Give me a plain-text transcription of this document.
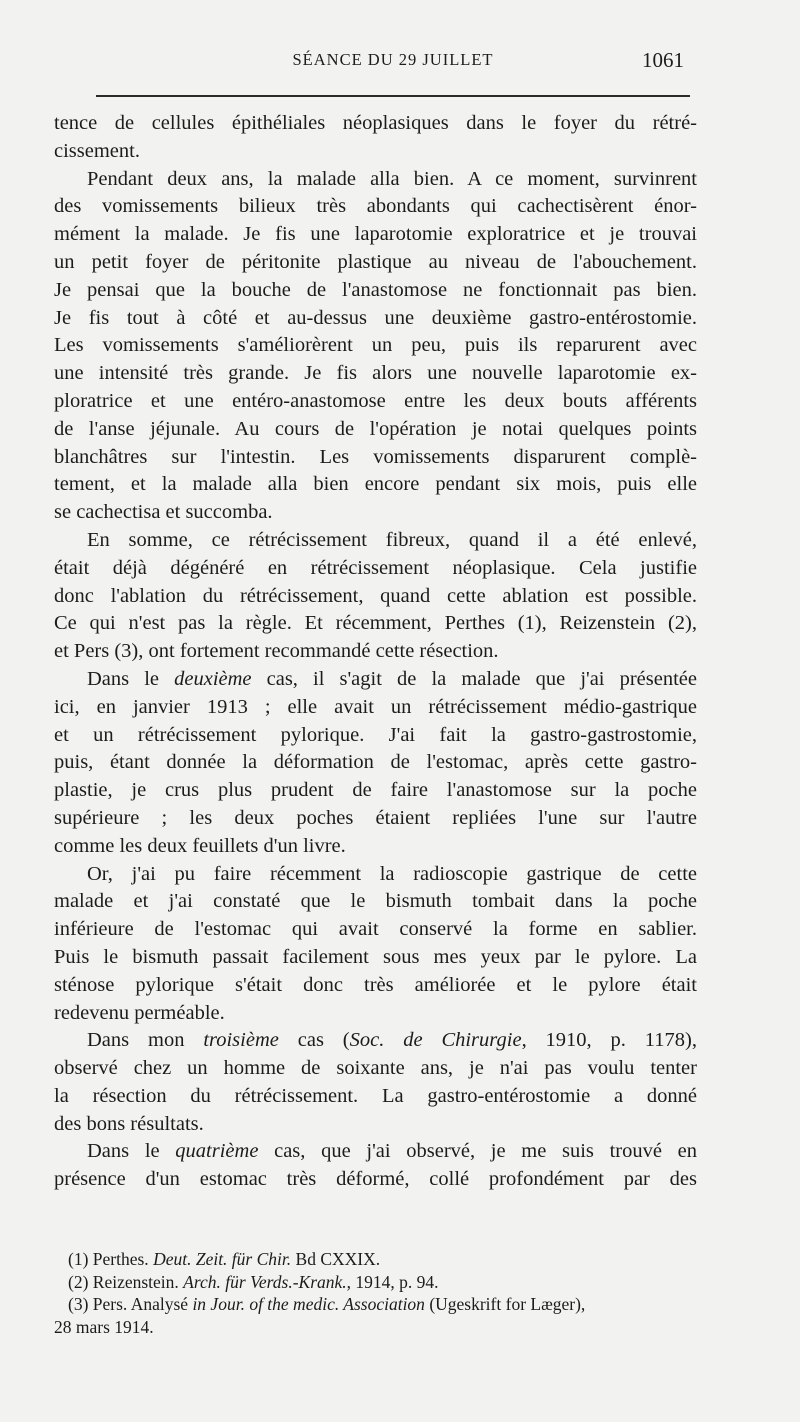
SÉANCE DU 29 JUILLET	1061
tence de cellules épithéliales néoplasiques dans le foyer du rétré-
cissement.
Pendant deux ans, la malade alla bien. A ce moment, survinrent
des vomissements bilieux très abondants qui cachectisèrent énor-
mément la malade. Je fis une laparotomie exploratrice et je trouvai
un petit foyer de péritonite plastique au niveau de l'abouchement.
Je pensai que la bouche de l'anastomose ne fonctionnait pas bien.
Je fis tout à côté et au-dessus une deuxième gastro-entérostomie.
Les vomissements s'améliorèrent un peu, puis ils reparurent avec
une intensité très grande. Je fis alors une nouvelle laparotomie ex-
ploratrice et une entéro-anastomose entre les deux bouts afférents
de l'anse jéjunale. Au cours de l'opération je notai quelques points
blanchâtres sur l'intestin. Les vomissements disparurent complè-
tement, et la malade alla bien encore pendant six mois, puis elle
se cachectisa et succomba.
En somme, ce rétrécissement fibreux, quand il a été enlevé,
était déjà dégénéré en rétrécissement néoplasique. Cela justifie
donc l'ablation du rétrécissement, quand cette ablation est possible.
Ce qui n'est pas la règle. Et récemment, Perthes (1), Reizenstein (2),
et Pers (3), ont fortement recommandé cette résection.
Dans le deuxième cas, il s'agit de la malade que j'ai présentée
ici, en janvier 1913 ; elle avait un rétrécissement médio-gastrique
et un rétrécissement pylorique. J'ai fait la gastro-gastrostomie,
puis, étant donnée la déformation de l'estomac, après cette gastro-
plastie, je crus plus prudent de faire l'anastomose sur la poche
supérieure ; les deux poches étaient repliées l'une sur l'autre
comme les deux feuillets d'un livre.
Or, j'ai pu faire récemment la radioscopie gastrique de cette
malade et j'ai constaté que le bismuth tombait dans la poche
inférieure de l'estomac qui avait conservé la forme en sablier.
Puis le bismuth passait facilement sous mes yeux par le pylore. La
sténose pylorique s'était donc très améliorée et le pylore était
redevenu perméable.
Dans mon troisième cas (Soc. de Chirurgie, 1910, p. 1178),
observé chez un homme de soixante ans, je n'ai pas voulu tenter
la résection du rétrécissement. La gastro-entérostomie a donné
des bons résultats.
Dans le quatrième cas, que j'ai observé, je me suis trouvé en
présence d'un estomac très déformé, collé profondément par des
(1) Perthes. Deut. Zeit. für Chir. Bd CXXIX.
(2) Reizenstein. Arch. für Verds.-Krank., 1914, p. 94.
(3) Pers. Analysé in Jour. of the medic. Association (Ugeskrift for Læger),
28 mars 1914.
